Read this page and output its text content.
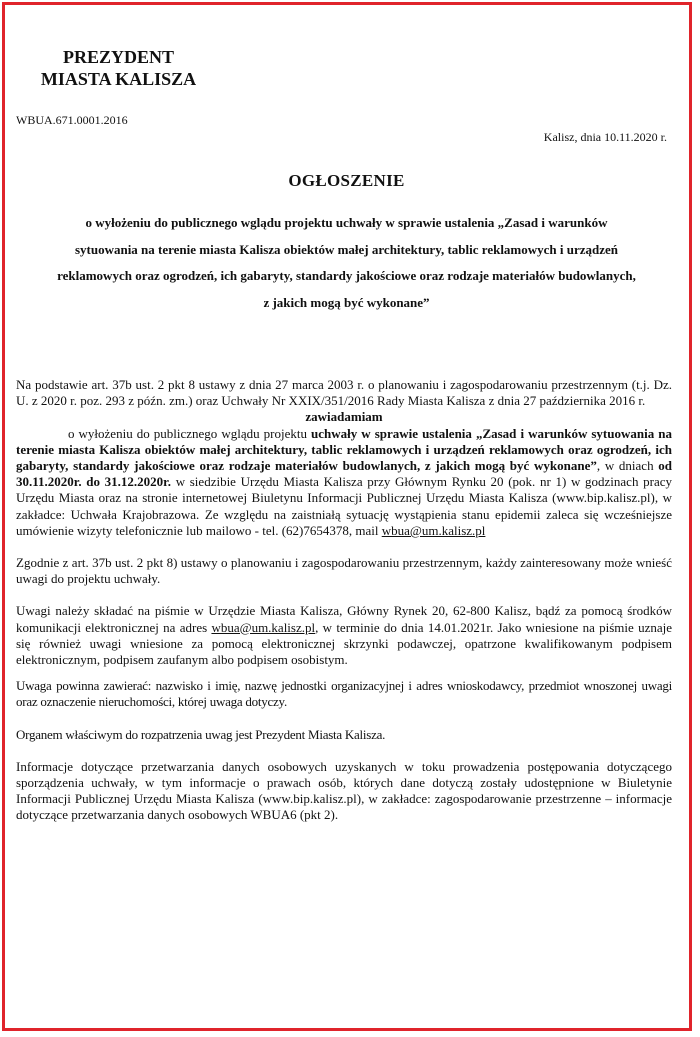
PREZYDENT
MIASTA KALISZA
WBUA.671.0001.2016
Kalisz, dnia 10.11.2020 r.
OGŁOSZENIE
o wyłożeniu do publicznego wglądu projektu uchwały w sprawie ustalenia „Zasad i warunków sytuowania na terenie miasta Kalisza obiektów małej architektury, tablic reklamowych i urządzeń reklamowych oraz ogrodzeń, ich gabaryty, standardy jakościowe oraz rodzaje materiałów budowlanych, z jakich mogą być wykonane”

Na podstawie art. 37b ust. 2 pkt 8 ustawy z dnia 27 marca 2003 r. o planowaniu i zagospodarowaniu przestrzennym (t.j. Dz. U. z 2020 r. poz. 293 z późn. zm.) oraz Uchwały Nr XXIX/351/2016 Rady Miasta Kalisza z dnia 27 października 2016 r.

zawiadamiam

o wyłożeniu do publicznego wglądu projektu uchwały w sprawie ustalenia „Zasad i warunków sytuowania na terenie miasta Kalisza obiektów małej architektury, tablic reklamowych i urządzeń reklamowych oraz ogrodzeń, ich gabaryty, standardy jakościowe oraz rodzaje materiałów budowlanych, z jakich mogą być wykonane”, w dniach od 30.11.2020r. do 31.12.2020r. w siedzibie Urzędu Miasta Kalisza przy Głównym Rynku 20 (pok. nr 1) w godzinach pracy Urzędu Miasta oraz na stronie internetowej Biuletynu Informacji Publicznej Urzędu Miasta Kalisza (www.bip.kalisz.pl), w zakładce: Uchwała Krajobrazowa. Ze względu na zaistniałą sytuację wystąpienia stanu epidemii zaleca się wcześniejsze umówienie wizyty telefonicznie lub mailowo - tel. (62)7654378, mail wbua@um.kalisz.pl

Zgodnie z art. 37b ust. 2 pkt 8) ustawy o planowaniu i zagospodarowaniu przestrzennym, każdy zainteresowany może wnieść uwagi do projektu uchwały.

Uwagi należy składać na piśmie w Urzędzie Miasta Kalisza, Główny Rynek 20, 62-800 Kalisz, bądź za pomocą środków komunikacji elektronicznej na adres wbua@um.kalisz.pl, w terminie do dnia 14.01.2021r. Jako wniesione na piśmie uznaje się również uwagi wniesione za pomocą elektronicznej skrzynki podawczej, opatrzone kwalifikowanym podpisem elektronicznym, podpisem zaufanym albo podpisem osobistym.

Uwaga powinna zawierać: nazwisko i imię, nazwę jednostki organizacyjnej i adres wnioskodawcy, przedmiot wnoszonej uwagi oraz oznaczenie nieruchomości, której uwaga dotyczy.

Organem właściwym do rozpatrzenia uwag jest Prezydent Miasta Kalisza.

Informacje dotyczące przetwarzania danych osobowych uzyskanych w toku prowadzenia postępowania dotyczącego sporządzenia uchwały, w tym informacje o prawach osób, których dane dotyczą zostały udostępnione w Biuletynie Informacji Publicznej Urzędu Miasta Kalisza (www.bip.kalisz.pl), w zakładce: zagospodarowanie przestrzenne – informacje dotyczące przetwarzania danych osobowych WBUA6 (pkt 2).
